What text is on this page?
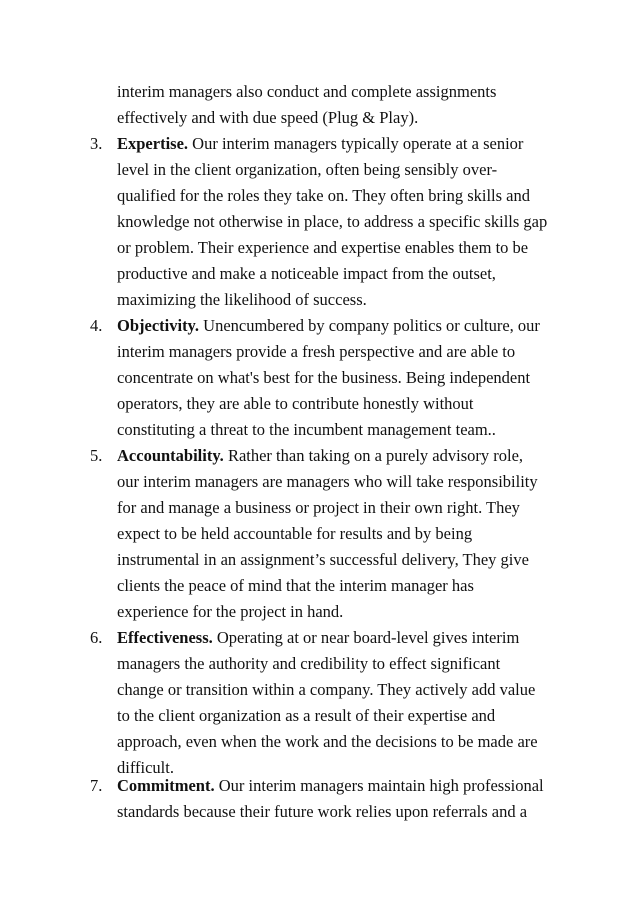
interim managers also conduct and complete assignments
effectively and with due speed (Plug & Play).
3. Expertise. Our interim managers typically operate at a senior
level in the client organization, often being sensibly over-
qualified for the roles they take on. They often bring skills and
knowledge not otherwise in place, to address a specific skills gap
or problem. Their experience and expertise enables them to be
productive and make a noticeable impact from the outset,
maximizing the likelihood of success.
4. Objectivity. Unencumbered by company politics or culture, our
interim managers provide a fresh perspective and are able to
concentrate on what's best for the business. Being independent
operators, they are able to contribute honestly without
constituting a threat to the incumbent management team..
5. Accountability. Rather than taking on a purely advisory role,
our interim managers are managers who will take responsibility
for and manage a business or project in their own right. They
expect to be held accountable for results and by being
instrumental in an assignment’s successful delivery, They give
clients the peace of mind that the interim manager has
experience for the project in hand.
6. Effectiveness. Operating at or near board-level gives interim
managers the authority and credibility to effect significant
change or transition within a company. They actively add value
to the client organization as a result of their expertise and
approach, even when the work and the decisions to be made are
difficult.
7. Commitment. Our interim managers maintain high professional
standards because their future work relies upon referrals and a
